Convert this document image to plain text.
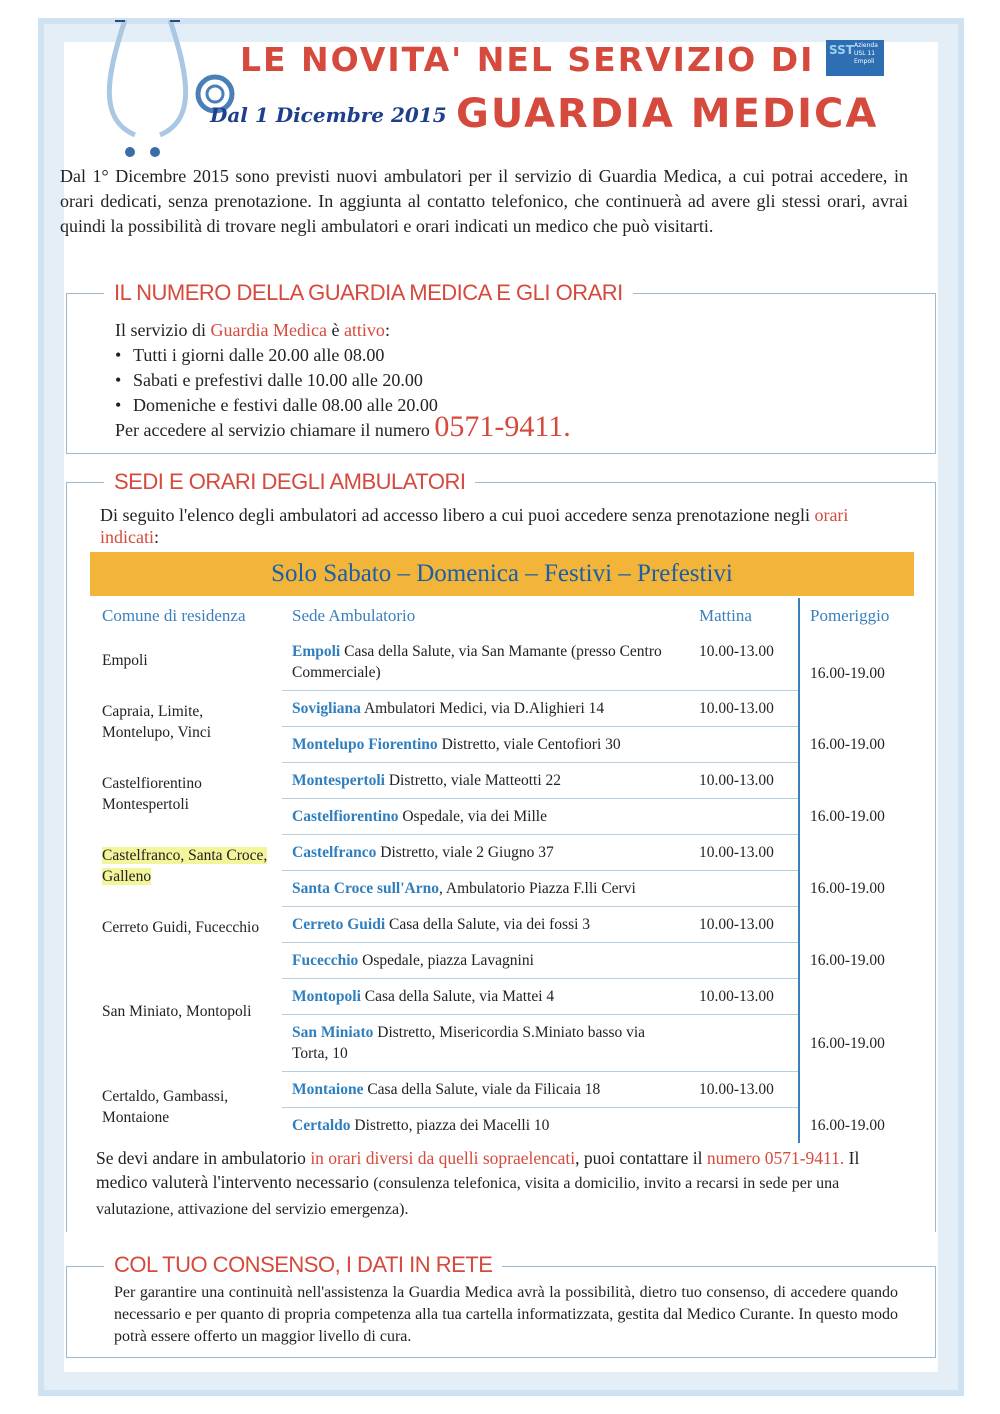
LE NOVITA' NEL SERVIZIO DI
Dal 1 Dicembre 2015 GUARDIA MEDICA
SST Azienda
USL 11
Empoli
Dal 1° Dicembre 2015 sono previsti nuovi ambulatori per il servizio di Guardia Medica, a cui potrai accedere, in orari dedicati, senza prenotazione. In aggiunta al contatto telefonico, che continuerà ad avere gli stessi orari, avrai quindi la possibilità di trovare negli ambulatori e orari indicati un medico che può visitarti.
IL NUMERO DELLA GUARDIA MEDICA E GLI ORARI
Il servizio di Guardia Medica è attivo:
• Tutti i giorni dalle 20.00 alle 08.00
• Sabati e prefestivi dalle 10.00 alle 20.00
• Domeniche e festivi dalle 08.00 alle 20.00
Per accedere al servizio chiamare il numero 0571-9411.
SEDI E ORARI DEGLI AMBULATORI
Di seguito l'elenco degli ambulatori ad accesso libero a cui puoi accedere senza prenotazione negli orari indicati:
Solo Sabato – Domenica – Festivi – Prefestivi
Comune di residenza	Sede Ambulatorio	Mattina	Pomeriggio
Empoli	Empoli Casa della Salute, via San Mamante (presso Centro Commerciale)	10.00-13.00	16.00-19.00
Capraia, Limite, Montelupo, Vinci	Sovigliana Ambulatori Medici, via D.Alighieri 14	10.00-13.00	
	Montelupo Fiorentino Distretto, viale Centofiori 30		16.00-19.00
Castelfiorentino Montespertoli	Montespertoli Distretto, viale Matteotti 22	10.00-13.00	
	Castelfiorentino Ospedale, via dei Mille		16.00-19.00
Castelfranco, Santa Croce, Galleno	Castelfranco Distretto, viale 2 Giugno 37	10.00-13.00	
	Santa Croce sull'Arno, Ambulatorio Piazza F.lli Cervi		16.00-19.00
Cerreto Guidi, Fucecchio	Cerreto Guidi Casa della Salute, via dei fossi 3	10.00-13.00	
	Fucecchio Ospedale, piazza Lavagnini		16.00-19.00
San Miniato, Montopoli	Montopoli Casa della Salute, via Mattei 4	10.00-13.00	
	San Miniato Distretto, Misericordia S.Miniato basso via Torta, 10		16.00-19.00
Certaldo, Gambassi, Montaione	Montaione Casa della Salute, viale da Filicaia 18	10.00-13.00	
	Certaldo Distretto, piazza dei Macelli 10		16.00-19.00
Se devi andare in ambulatorio in orari diversi da quelli sopraelencati, puoi contattare il numero 0571-9411. Il medico valuterà l'intervento necessario (consulenza telefonica, visita a domicilio, invito a recarsi in sede per una valutazione, attivazione del servizio emergenza).
COL TUO CONSENSO, I DATI IN RETE
Per garantire una continuità nell'assistenza la Guardia Medica avrà la possibilità, dietro tuo consenso, di accedere quando necessario e per quanto di propria competenza alla tua cartella informatizzata, gestita dal Medico Curante. In questo modo potrà essere offerto un maggior livello di cura.
